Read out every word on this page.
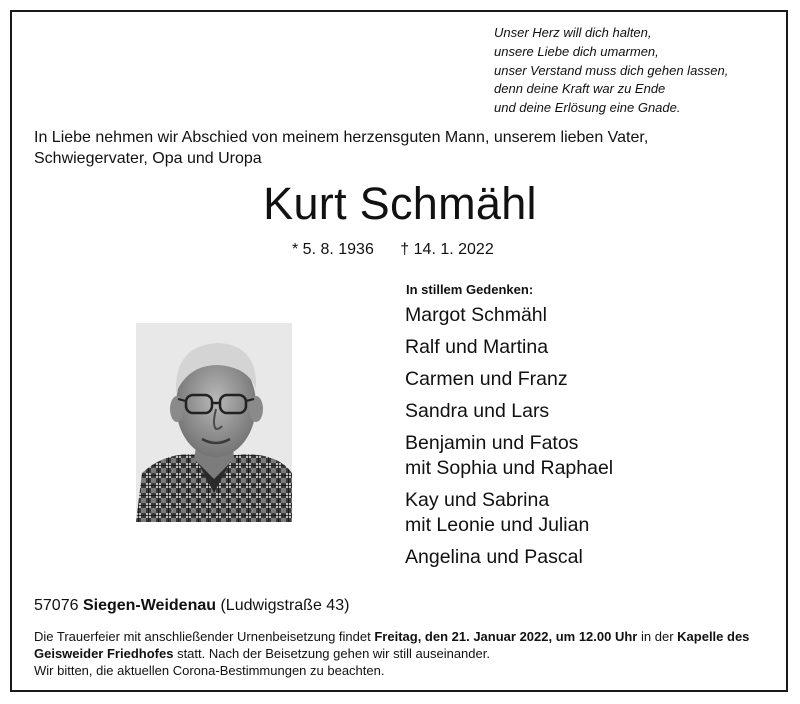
Unser Herz will dich halten,
unsere Liebe dich umarmen,
unser Verstand muss dich gehen lassen,
denn deine Kraft war zu Ende
und deine Erlösung eine Gnade.
In Liebe nehmen wir Abschied von meinem herzensguten Mann, unserem lieben Vater,
Schwiegervater, Opa und Uropa
Kurt Schmähl
* 5. 8. 1936 † 14. 1. 2022
In stillem Gedenken:
Margot Schmähl
Ralf und Martina
Carmen und Franz
Sandra und Lars
Benjamin und Fatos
mit Sophia und Raphael
Kay und Sabrina
mit Leonie und Julian
Angelina und Pascal
57076 Siegen-Weidenau (Ludwigstraße 43)
Die Trauerfeier mit anschließender Urnenbeisetzung findet Freitag, den 21. Januar 2022, um 12.00 Uhr in der Kapelle des Geisweider Friedhofes statt. Nach der Beisetzung gehen wir still auseinander.
Wir bitten, die aktuellen Corona-Bestimmungen zu beachten.
